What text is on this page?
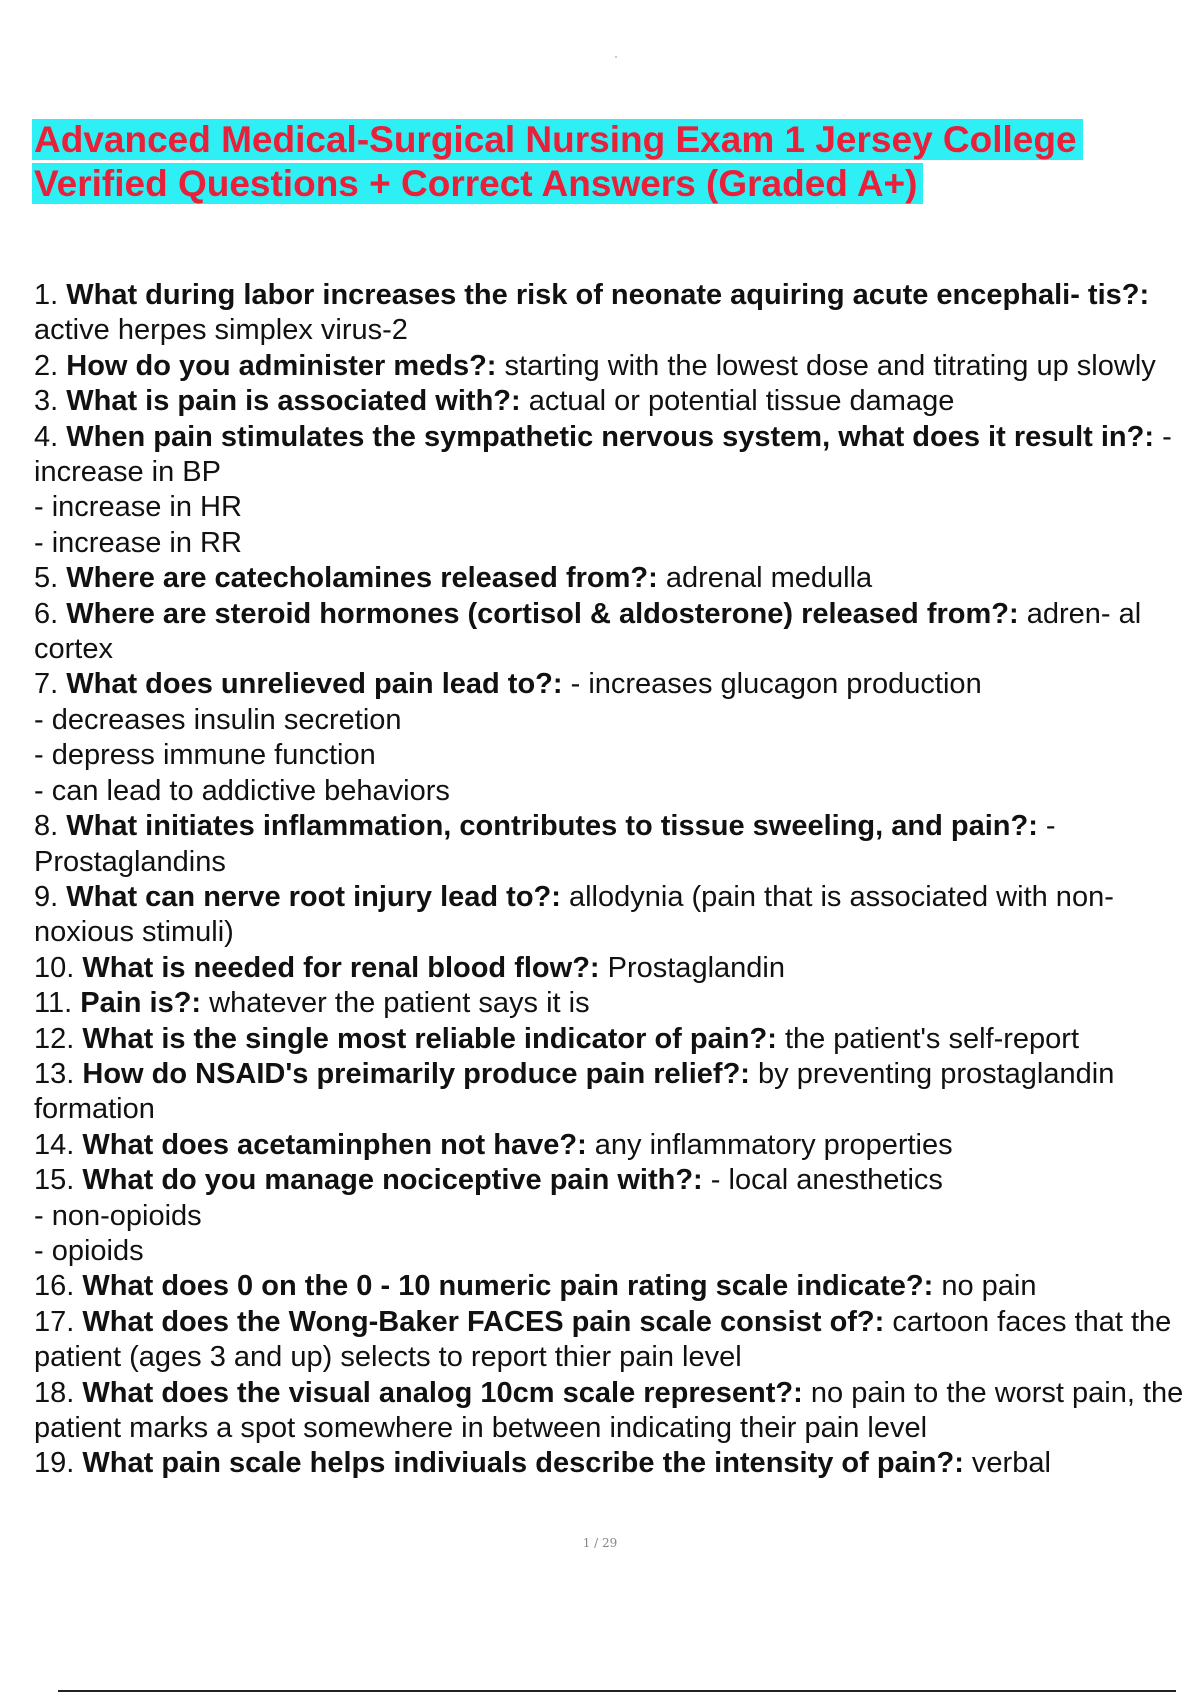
Advanced Medical-Surgical Nursing Exam 1 Jersey College
Verified Questions + Correct Answers (Graded A+)
1. What during labor increases the risk of neonate aquiring acute encephali- tis?: active herpes simplex virus-2
2. How do you administer meds?: starting with the lowest dose and titrating up slowly
3. What is pain is associated with?: actual or potential tissue damage
4. When pain stimulates the sympathetic nervous system, what does it result in?: - increase in BP
- increase in HR
- increase in RR
5. Where are catecholamines released from?: adrenal medulla
6. Where are steroid hormones (cortisol & aldosterone) released from?: adren- al cortex
7. What does unrelieved pain lead to?: - increases glucagon production
- decreases insulin secretion
- depress immune function
- can lead to addictive behaviors
8. What initiates inflammation, contributes to tissue sweeling, and pain?: - Prostaglandins
9. What can nerve root injury lead to?: allodynia (pain that is associated with non-noxious stimuli)
10. What is needed for renal blood flow?: Prostaglandin
11. Pain is?: whatever the patient says it is
12. What is the single most reliable indicator of pain?: the patient's self-report
13. How do NSAID's preimarily produce pain relief?: by preventing prostaglandin formation
14. What does acetaminphen not have?: any inflammatory properties
15. What do you manage nociceptive pain with?: - local anesthetics
- non-opioids
- opioids
16. What does 0 on the 0 - 10 numeric pain rating scale indicate?: no pain
17. What does the Wong-Baker FACES pain scale consist of?: cartoon faces that the patient (ages 3 and up) selects to report thier pain level
18. What does the visual analog 10cm scale represent?: no pain to the worst pain, the patient marks a spot somewhere in between indicating their pain level
19. What pain scale helps indiviuals describe the intensity of pain?: verbal
1 / 29
